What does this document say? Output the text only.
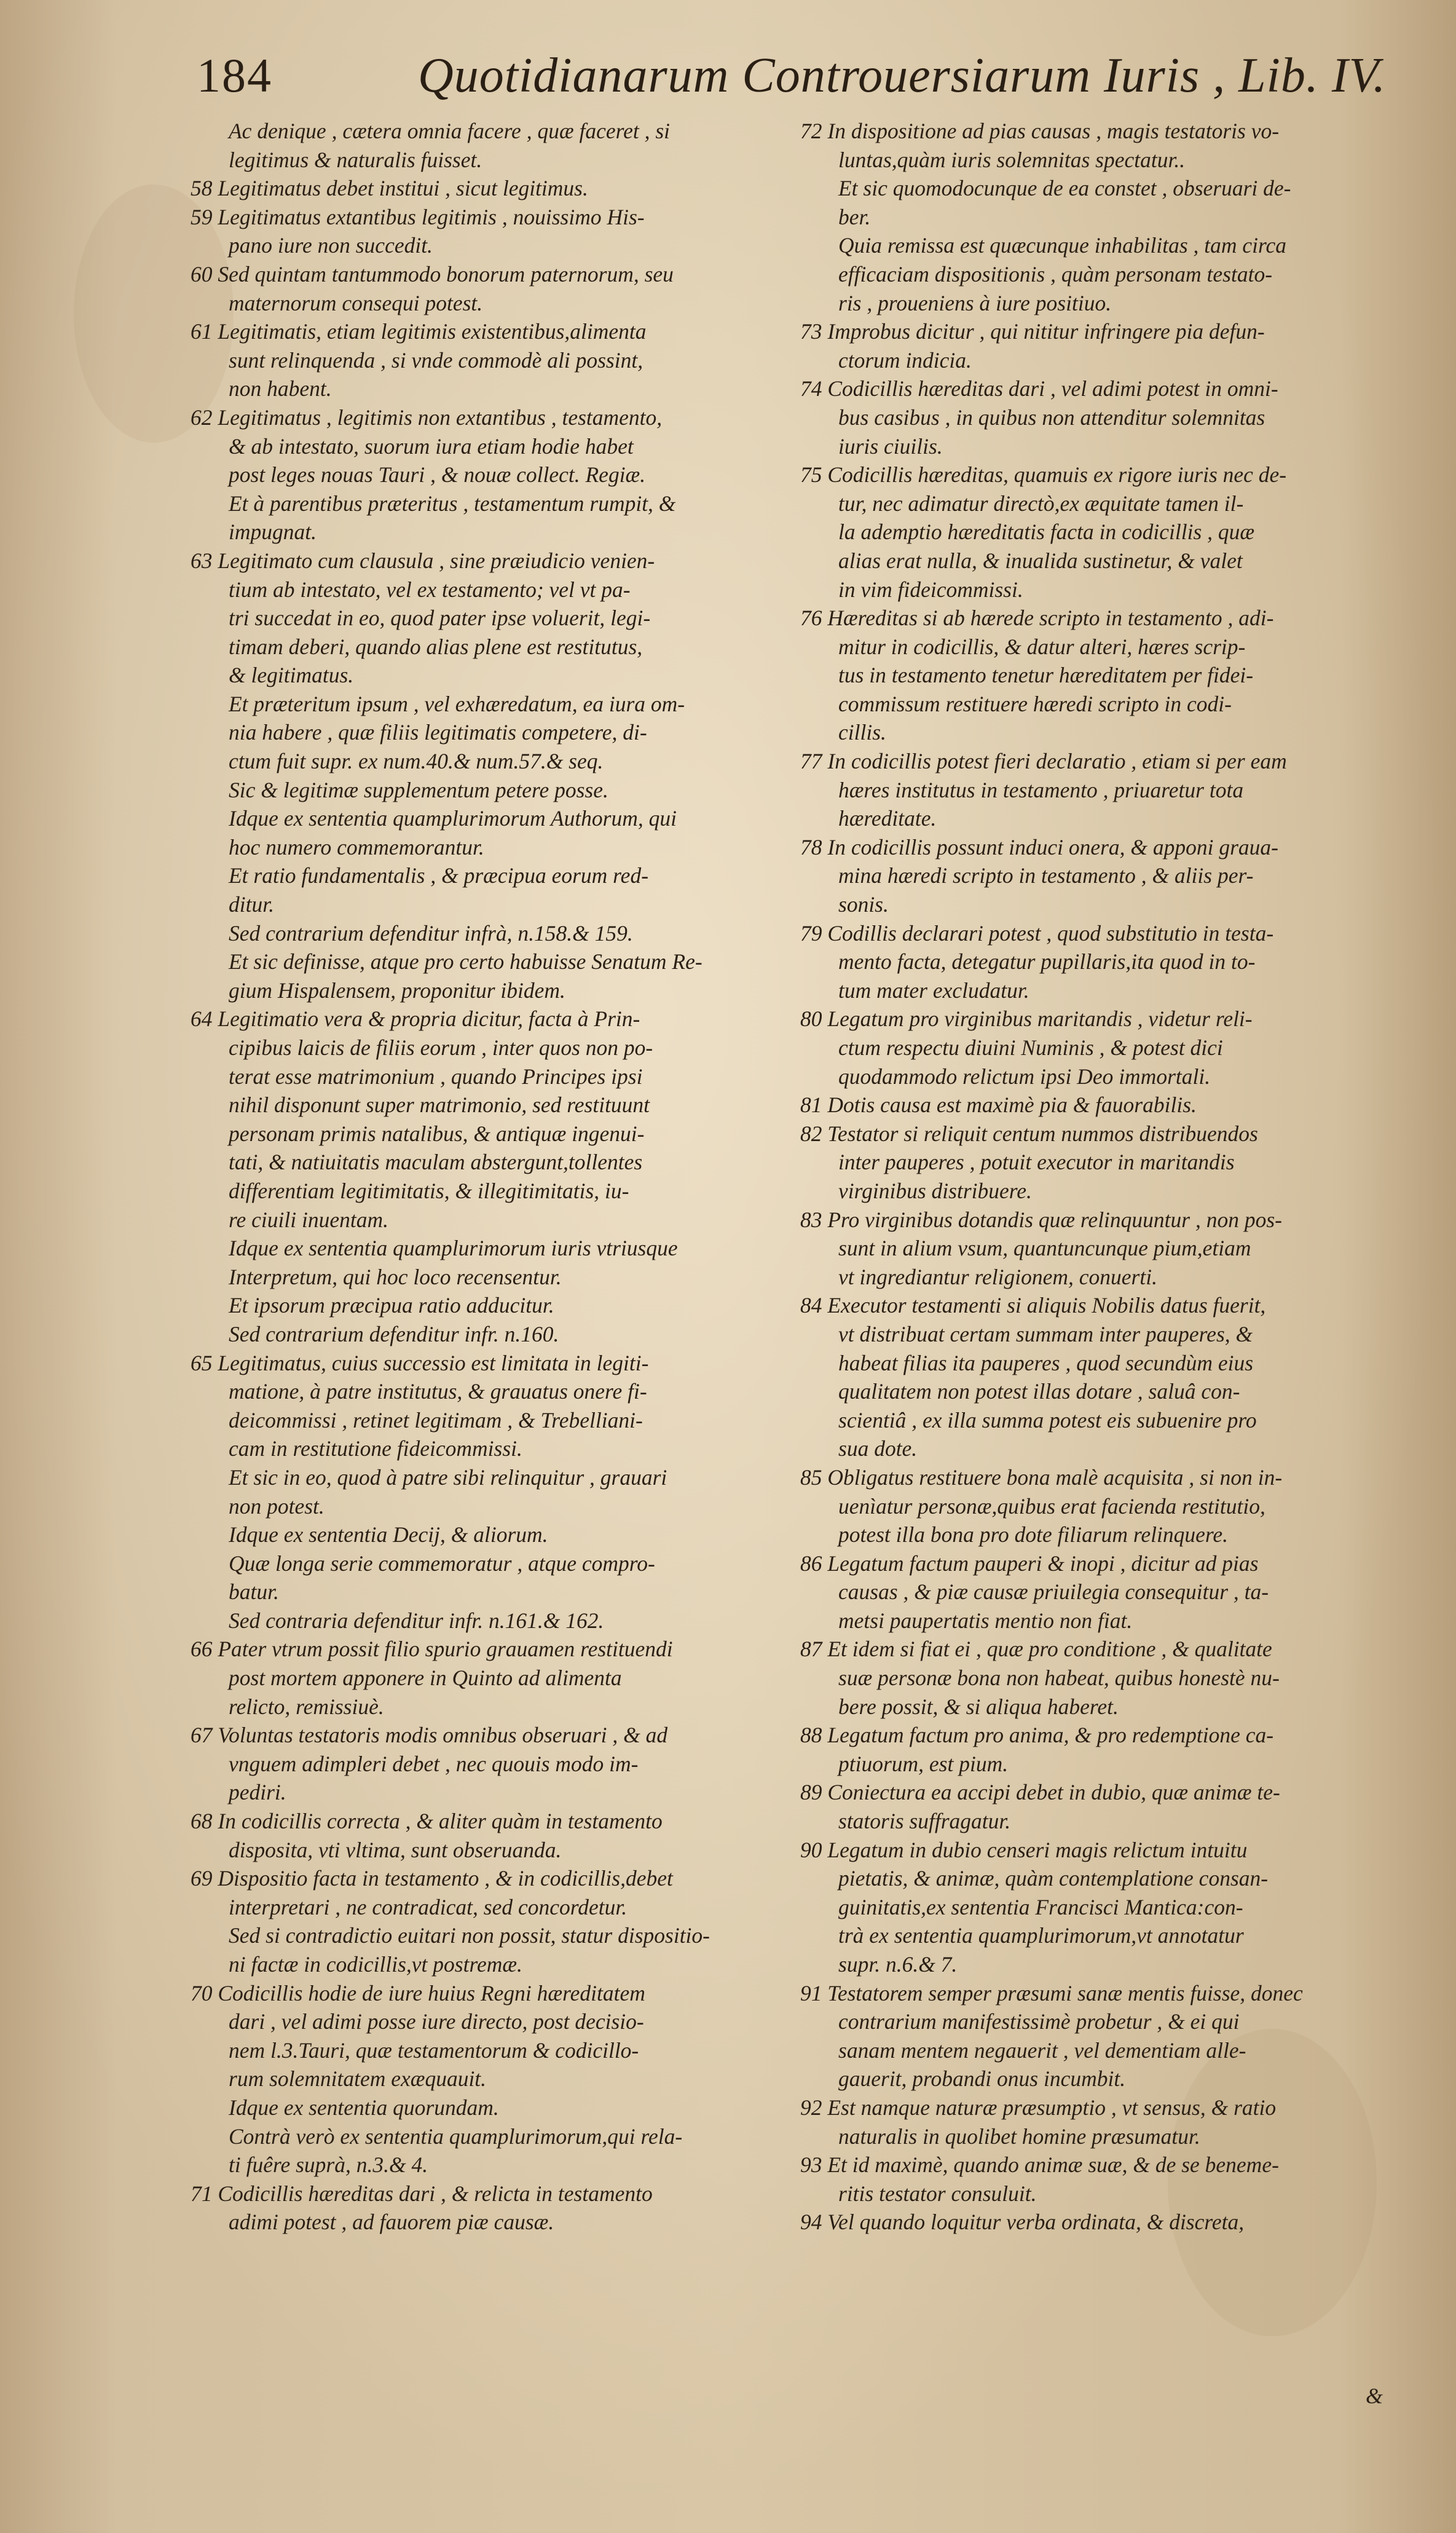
184	Quotidianarum Controuersiarum Iuris , Lib. IV.
Ac denique , cætera omnia facere , quæ faceret , si
legitimus & naturalis fuisset.
58 Legitimatus debet institui , sicut legitimus.
59 Legitimatus extantibus legitimis , nouissimo His-
pano iure non succedit.
60 Sed quintam tantummodo bonorum paternorum, seu
maternorum consequi potest.
61 Legitimatis, etiam legitimis existentibus,alimenta
sunt relinquenda , si vnde commodè ali possint,
non habent.
62 Legitimatus , legitimis non extantibus , testamento,
& ab intestato, suorum iura etiam hodie habet
post leges nouas Tauri , & nouæ collect. Regiæ.
Et à parentibus præteritus , testamentum rumpit, &
impugnat.
63 Legitimato cum clausula , sine præiudicio venien-
tium ab intestato, vel ex testamento; vel vt pa-
tri succedat in eo, quod pater ipse voluerit, legi-
timam deberi, quando alias plene est restitutus,
& legitimatus.
Et præteritum ipsum , vel exhæredatum, ea iura om-
nia habere , quæ filiis legitimatis competere, di-
ctum fuit supr. ex num.40.& num.57.& seq.
Sic & legitimæ supplementum petere posse.
Idque ex sententia quamplurimorum Authorum, qui
hoc numero commemorantur.
Et ratio fundamentalis , & præcipua eorum red-
ditur.
Sed contrarium defenditur infrà, n.158.& 159.
Et sic definisse, atque pro certo habuisse Senatum Re-
gium Hispalensem, proponitur ibidem.
64 Legitimatio vera & propria dicitur, facta à Prin-
cipibus laicis de filiis eorum , inter quos non po-
terat esse matrimonium , quando Principes ipsi
nihil disponunt super matrimonio, sed restituunt
personam primis natalibus, & antiquæ ingenui-
tati, & natiuitatis maculam abstergunt,tollentes
differentiam legitimitatis, & illegitimitatis, iu-
re ciuili inuentam.
Idque ex sententia quamplurimorum iuris vtriusque
Interpretum, qui hoc loco recensentur.
Et ipsorum præcipua ratio adducitur.
Sed contrarium defenditur infr. n.160.
65 Legitimatus, cuius successio est limitata in legiti-
matione, à patre institutus, & grauatus onere fi-
deicommissi , retinet legitimam , & Trebelliani-
cam in restitutione fideicommissi.
Et sic in eo, quod à patre sibi relinquitur , grauari
non potest.
Idque ex sententia Decij, & aliorum.
Quæ longa serie commemoratur , atque compro-
batur.
Sed contraria defenditur infr. n.161.& 162.
66 Pater vtrum possit filio spurio grauamen restituendi
post mortem apponere in Quinto ad alimenta
relicto, remissiuè.
67 Voluntas testatoris modis omnibus obseruari , & ad
vnguem adimpleri debet , nec quouis modo im-
pediri.
68 In codicillis correcta , & aliter quàm in testamento
disposita, vti vltima, sunt obseruanda.
69 Dispositio facta in testamento , & in codicillis,debet
interpretari , ne contradicat, sed concordetur.
Sed si contradictio euitari non possit, statur dispositio-
ni factæ in codicillis,vt postremæ.
70 Codicillis hodie de iure huius Regni hæreditatem
dari , vel adimi posse iure directo, post decisio-
nem l.3.Tauri, quæ testamentorum & codicillo-
rum solemnitatem exæquauit.
Idque ex sententia quorundam.
Contrà verò ex sententia quamplurimorum,qui rela-
ti fuêre suprà, n.3.& 4.
71 Codicillis hæreditas dari , & relicta in testamento
adimi potest , ad fauorem piæ causæ.
72 In dispositione ad pias causas , magis testatoris vo-
luntas,quàm iuris solemnitas spectatur..
Et sic quomodocunque de ea constet , obseruari de-
ber.
Quia remissa est quæcunque inhabilitas , tam circa
efficaciam dispositionis , quàm personam testato-
ris , proueniens à iure positiuo.
73 Improbus dicitur , qui nititur infringere pia defun-
ctorum indicia.
74 Codicillis hæreditas dari , vel adimi potest in omni-
bus casibus , in quibus non attenditur solemnitas
iuris ciuilis.
75 Codicillis hæreditas, quamuis ex rigore iuris nec de-
tur, nec adimatur directò,ex æquitate tamen il-
la ademptio hæreditatis facta in codicillis , quæ
alias erat nulla, & inualida sustinetur, & valet
in vim fideicommissi.
76 Hæreditas si ab hærede scripto in testamento , adi-
mitur in codicillis, & datur alteri, hæres scrip-
tus in testamento tenetur hæreditatem per fidei-
commissum restituere hæredi scripto in codi-
cillis.
77 In codicillis potest fieri declaratio , etiam si per eam
hæres institutus in testamento , priuaretur tota
hæreditate.
78 In codicillis possunt induci onera, & apponi graua-
mina hæredi scripto in testamento , & aliis per-
sonis.
79 Codillis declarari potest , quod substitutio in testa-
mento facta, detegatur pupillaris,ita quod in to-
tum mater excludatur.
80 Legatum pro virginibus maritandis , videtur reli-
ctum respectu diuini Numinis , & potest dici
quodammodo relictum ipsi Deo immortali.
81 Dotis causa est maximè pia & fauorabilis.
82 Testator si reliquit centum nummos distribuendos
inter pauperes , potuit executor in maritandis
virginibus distribuere.
83 Pro virginibus dotandis quæ relinquuntur , non pos-
sunt in alium vsum, quantuncunque pium,etiam
vt ingrediantur religionem, conuerti.
84 Executor testamenti si aliquis Nobilis datus fuerit,
vt distribuat certam summam inter pauperes, &
habeat filias ita pauperes , quod secundùm eius
qualitatem non potest illas dotare , saluâ con-
scientiâ , ex illa summa potest eis subuenire pro
sua dote.
85 Obligatus restituere bona malè acquisita , si non in-
uenìatur personæ,quibus erat facienda restitutio,
potest illa bona pro dote filiarum relinquere.
86 Legatum factum pauperi & inopi , dicitur ad pias
causas , & piæ causæ priuilegia consequitur , ta-
metsi paupertatis mentio non fiat.
87 Et idem si fiat ei , quæ pro conditione , & qualitate
suæ personæ bona non habeat, quibus honestè nu-
bere possit, & si aliqua haberet.
88 Legatum factum pro anima, & pro redemptione ca-
ptiuorum, est pium.
89 Coniectura ea accipi debet in dubio, quæ animæ te-
statoris suffragatur.
90 Legatum in dubio censeri magis relictum intuitu
pietatis, & animæ, quàm contemplatione consan-
guinitatis,ex sententia Francisci Mantica:con-
trà ex sententia quamplurimorum,vt annotatur
supr. n.6.& 7.
91 Testatorem semper præsumi sanæ mentis fuisse, donec
contrarium manifestissimè probetur , & ei qui
sanam mentem negauerit , vel dementiam alle-
gauerit, probandi onus incumbit.
92 Est namque naturæ præsumptio , vt sensus, & ratio
naturalis in quolibet homine præsumatur.
93 Et id maximè, quando animæ suæ, & de se beneme-
ritis testator consuluit.
94 Vel quando loquitur verba ordinata, & discreta,
&
